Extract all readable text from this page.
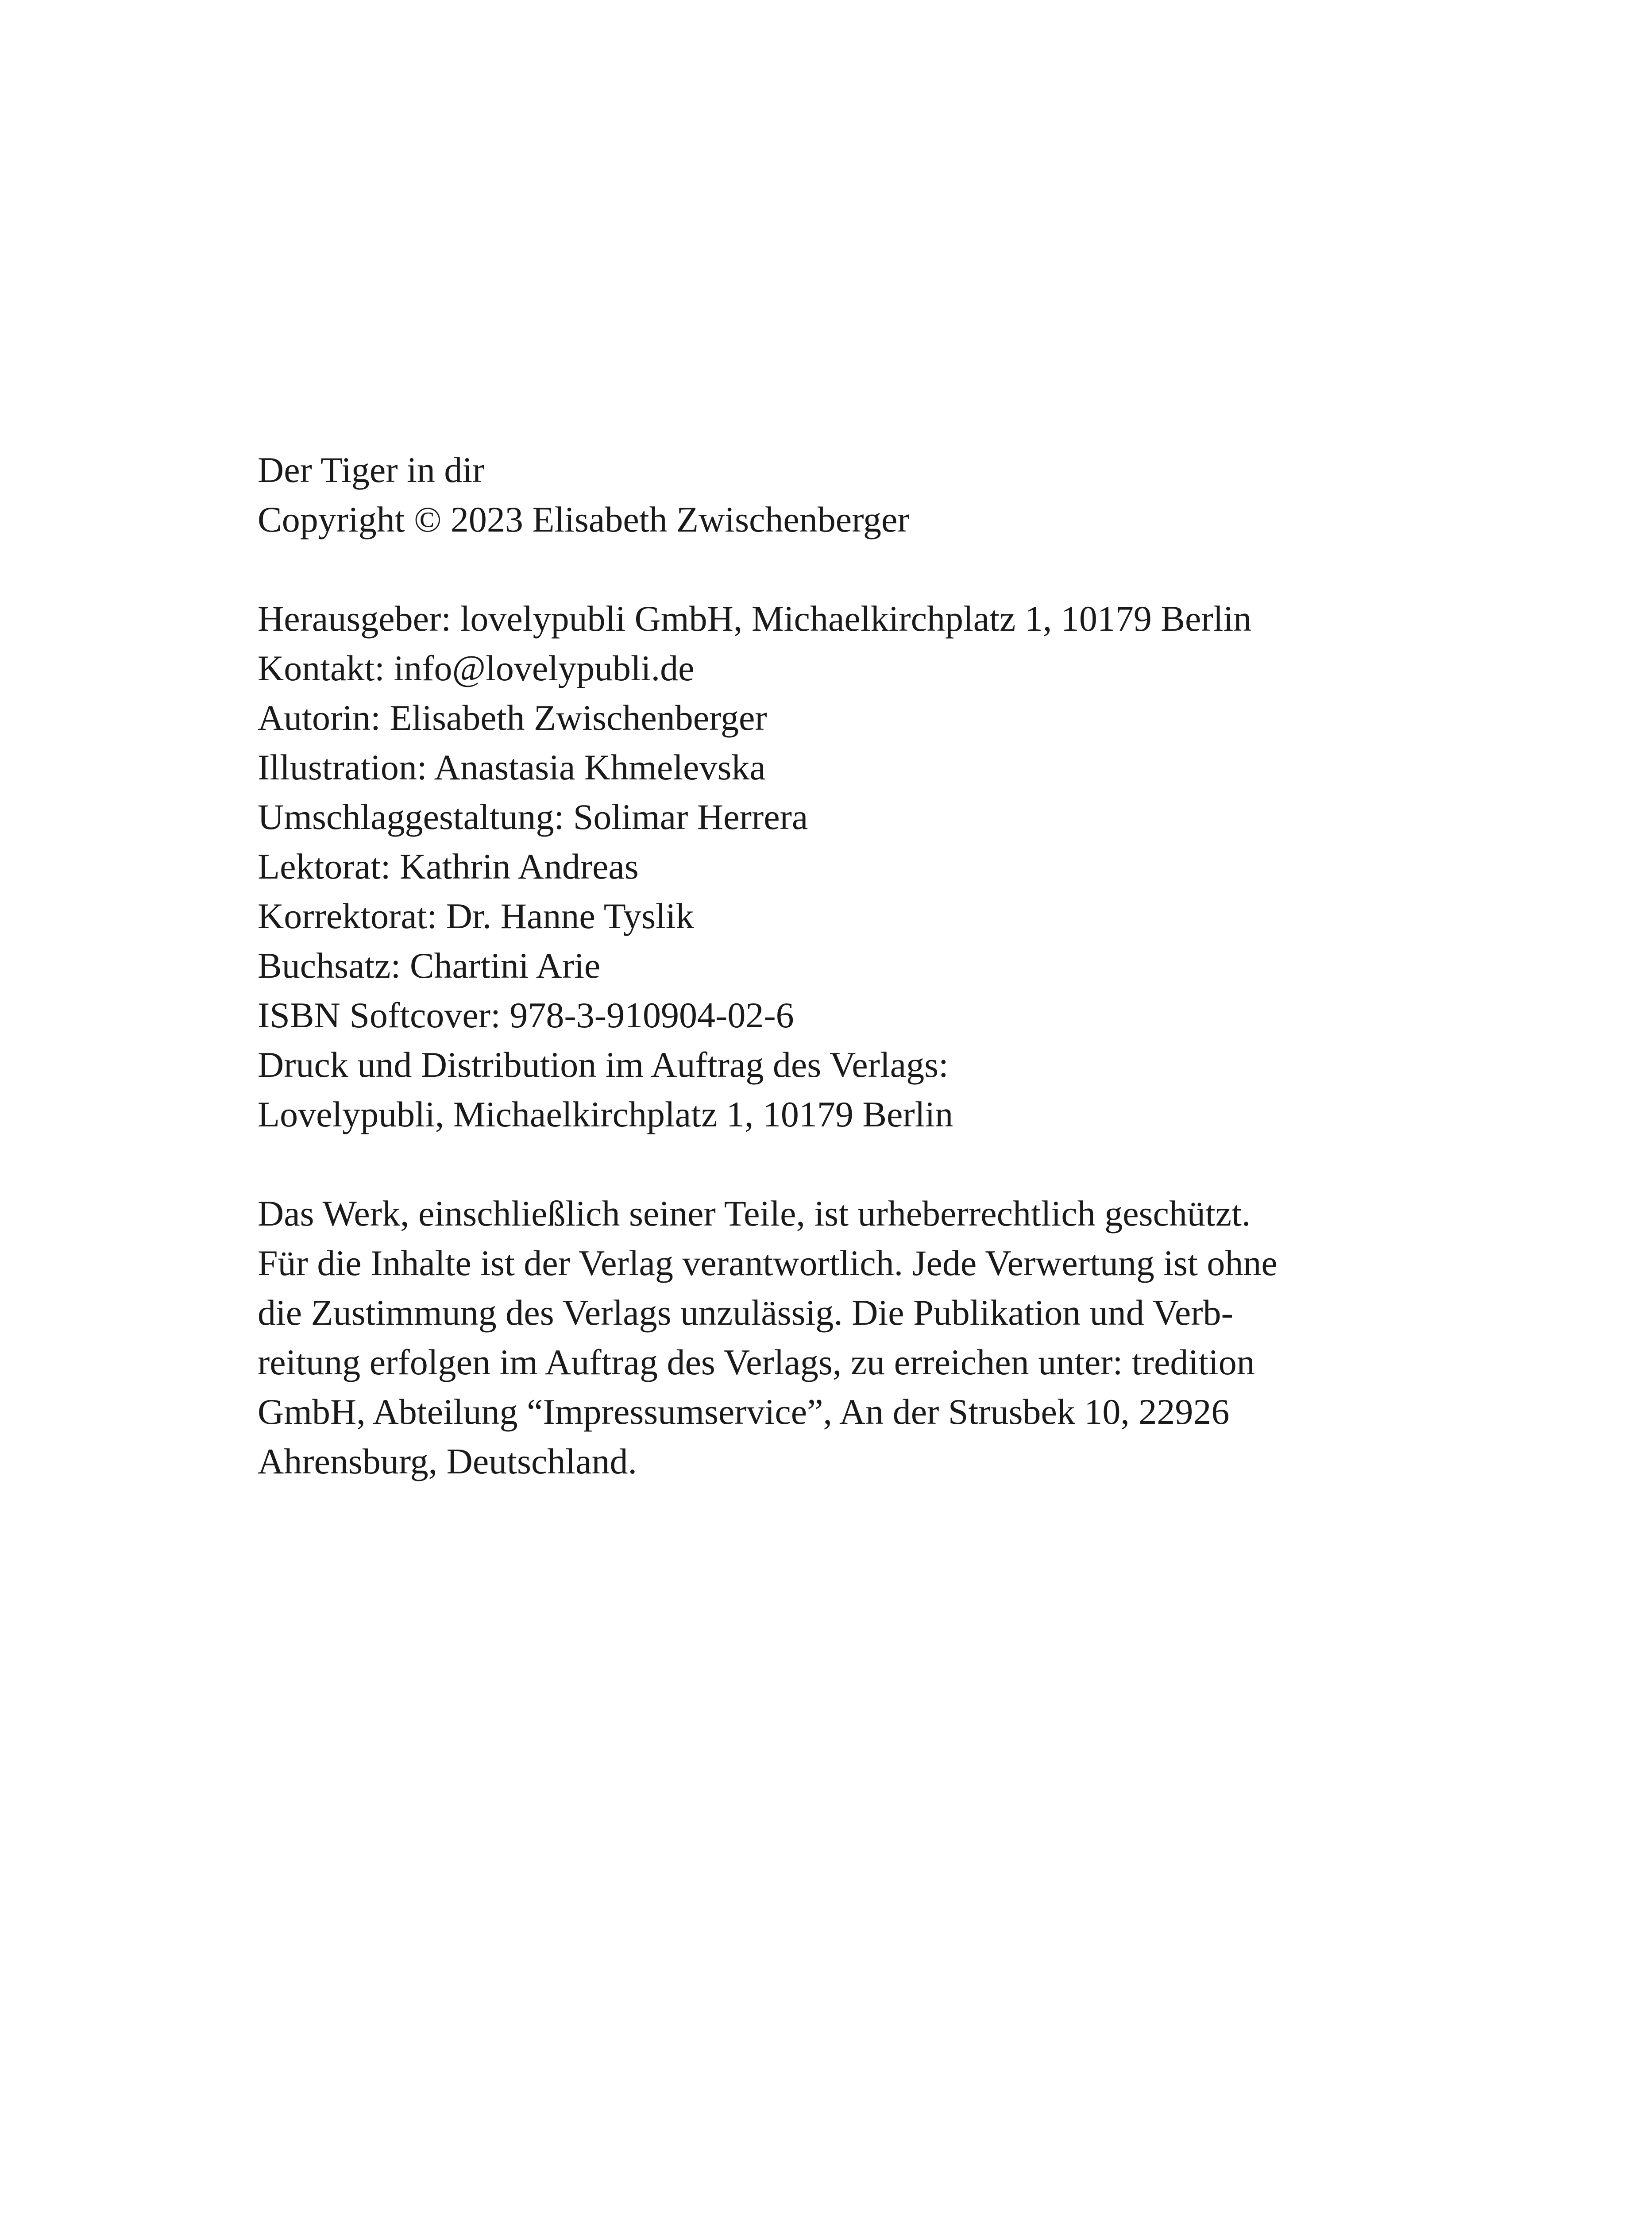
Der Tiger in dir
Copyright © 2023 Elisabeth Zwischenberger
Herausgeber: lovelypubli GmbH, Michaelkirchplatz 1, 10179 Berlin
Kontakt: info@lovelypubli.de
Autorin: Elisabeth Zwischenberger
Illustration: Anastasia Khmelevska
Umschlaggestaltung: Solimar Herrera
Lektorat: Kathrin Andreas
Korrektorat: Dr. Hanne Tyslik
Buchsatz: Chartini Arie
ISBN Softcover: 978-3-910904-02-6
Druck und Distribution im Auftrag des Verlags:
Lovelypubli, Michaelkirchplatz 1, 10179 Berlin
Das Werk, einschließlich seiner Teile, ist urheberrechtlich geschützt.
Für die Inhalte ist der Verlag verantwortlich. Jede Verwertung ist ohne
die Zustimmung des Verlags unzulässig. Die Publikation und Verb-
reitung erfolgen im Auftrag des Verlags, zu erreichen unter: tredition
GmbH, Abteilung “Impressumservice”, An der Strusbek 10, 22926
Ahrensburg, Deutschland.
